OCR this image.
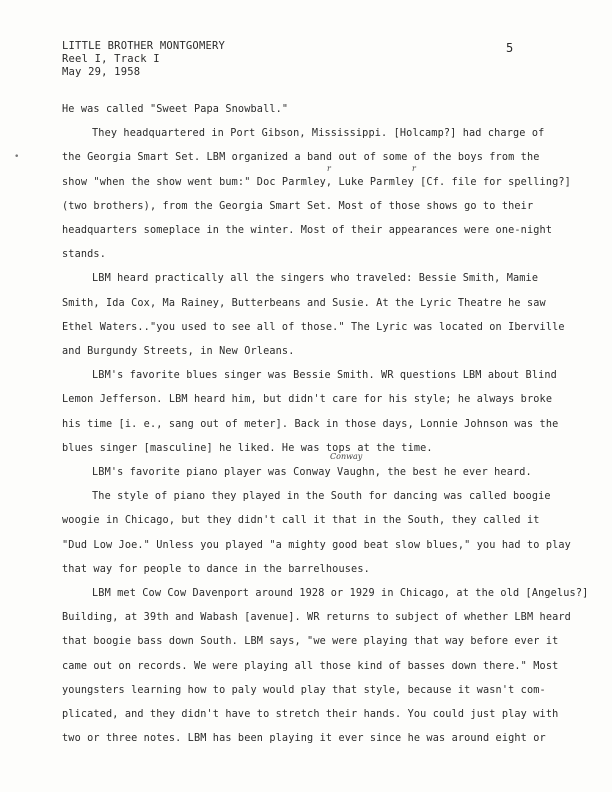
LITTLE BROTHER MONTGOMERY
Reel I, Track I
May 29, 1958
5
•
r	r
Conway

He was called "Sweet Papa Snowball."

They headquartered in Port Gibson, Mississippi. [Holcamp?] had charge of
the Georgia Smart Set. LBM organized a band out of some of the boys from the
show "when the show went bum:" Doc Parmley, Luke Parmley [Cf. file for spelling?]
(two brothers), from the Georgia Smart Set. Most of those shows go to their
headquarters someplace in the winter. Most of their appearances were one-night
stands.

LBM heard practically all the singers who traveled: Bessie Smith, Mamie
Smith, Ida Cox, Ma Rainey, Butterbeans and Susie. At the Lyric Theatre he saw
Ethel Waters.."you used to see all of those." The Lyric was located on Iberville
and Burgundy Streets, in New Orleans.

LBM's favorite blues singer was Bessie Smith. WR questions LBM about Blind
Lemon Jefferson. LBM heard him, but didn't care for his style; he always broke
his time [i. e., sang out of meter]. Back in those days, Lonnie Johnson was the
blues singer [masculine] he liked. He was tops at the time.

LBM's favorite piano player was Conway Vaughn, the best he ever heard.

The style of piano they played in the South for dancing was called boogie
woogie in Chicago, but they didn't call it that in the South, they called it
"Dud Low Joe." Unless you played "a mighty good beat slow blues," you had to play
that way for people to dance in the barrelhouses.

LBM met Cow Cow Davenport around 1928 or 1929 in Chicago, at the old [Angelus?]
Building, at 39th and Wabash [avenue]. WR returns to subject of whether LBM heard
that boogie bass down South. LBM says, "we were playing that way before ever it
came out on records. We were playing all those kind of basses down there." Most
youngsters learning how to paly would play that style, because it wasn't com-
plicated, and they didn't have to stretch their hands. You could just play with
two or three notes. LBM has been playing it ever since he was around eight or
